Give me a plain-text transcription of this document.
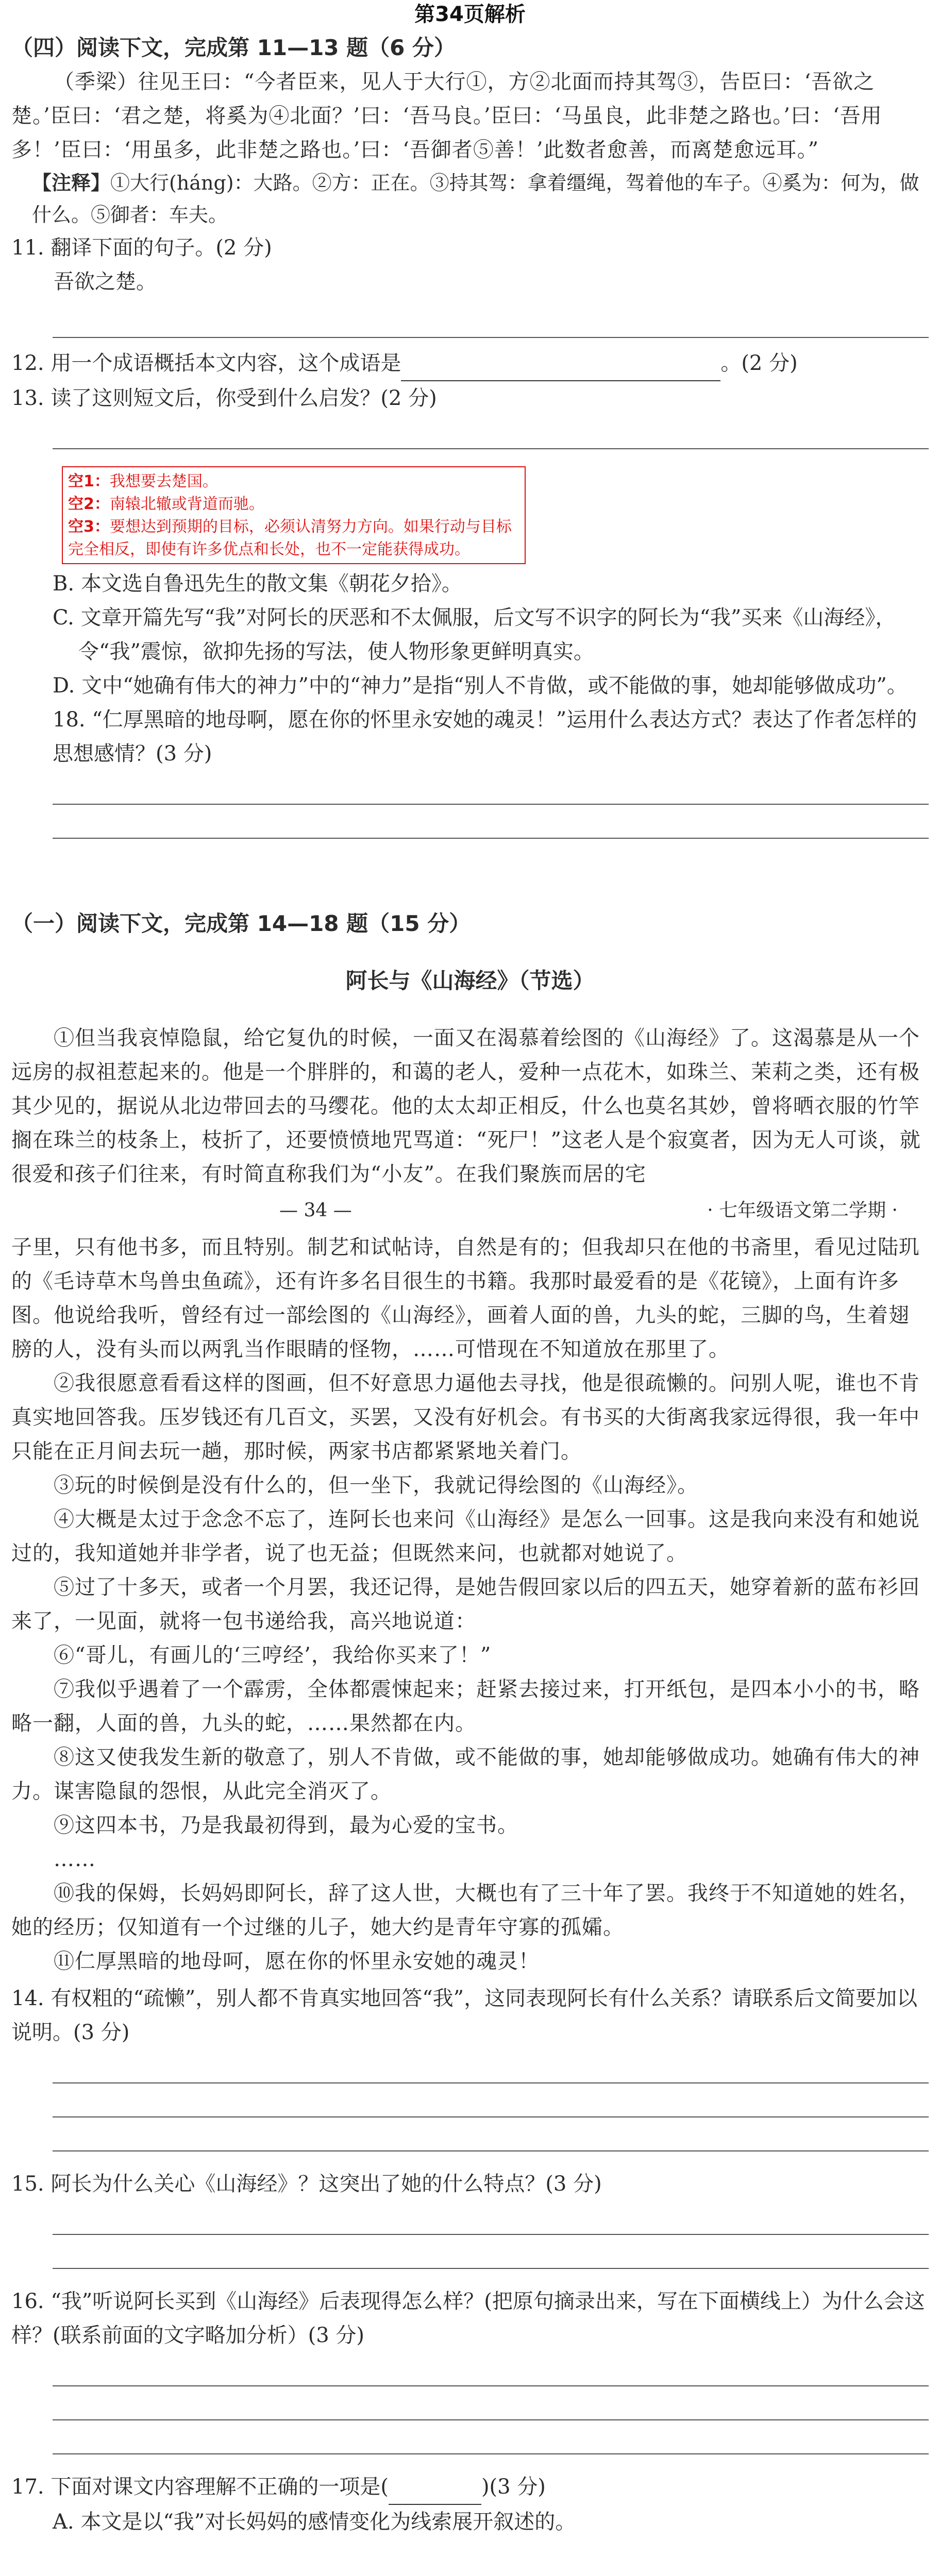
第34页解析

（四）阅读下文，完成第 11—13 题（6 分）

（季梁）往见王曰：“今者臣来，见人于大行①，方②北面而持其驾③，告臣曰：‘吾欲之楚。’臣曰：‘君之楚，将奚为④北面？’曰：‘吾马良。’臣曰：‘马虽良，此非楚之路也。’曰：‘吾用多！’臣曰：‘用虽多，此非楚之路也。’曰：‘吾御者⑤善！’此数者愈善，而离楚愈远耳。”

【注释】①大行(háng)：大路。②方：正在。③持其驾：拿着缰绳，驾着他的车子。④奚为：何为，做什么。⑤御者：车夫。

11. 翻译下面的句子。(2 分)

吾欲之楚。

12. 用一个成语概括本文内容，这个成语是	。(2 分)

13. 读了这则短文后，你受到什么启发？(2 分)

空1：我想要去楚国。
空2：南辕北辙或背道而驰。
空3：要想达到预期的目标，必须认清努力方向。如果行动与目标完全相反，即使有许多优点和长处，也不一定能获得成功。

B. 本文选自鲁迅先生的散文集《朝花夕拾》。

C. 文章开篇先写“我”对阿长的厌恶和不太佩服，后文写不识字的阿长为“我”买来《山海经》，令“我”震惊，欲抑先扬的写法，使人物形象更鲜明真实。

D. 文中“她确有伟大的神力”中的“神力”是指“别人不肯做，或不能做的事，她却能够做成功”。

18. “仁厚黑暗的地母啊，愿在你的怀里永安她的魂灵！”运用什么表达方式？表达了作者怎样的思想感情？(3 分)

（一）阅读下文，完成第 14—18 题（15 分）

阿长与《山海经》（节选）

①但当我哀悼隐鼠，给它复仇的时候，一面又在渴慕着绘图的《山海经》了。这渴慕是从一个远房的叔祖惹起来的。他是一个胖胖的，和蔼的老人，爱种一点花木，如珠兰、茉莉之类，还有极其少见的，据说从北边带回去的马缨花。他的太太却正相反，什么也莫名其妙，曾将晒衣服的竹竿搁在珠兰的枝条上，枝折了，还要愤愤地咒骂道：“死尸！”这老人是个寂寞者，因为无人可谈，就很爱和孩子们往来，有时简直称我们为“小友”。在我们聚族而居的宅

— 34 —	· 七年级语文第二学期 ·

子里，只有他书多，而且特别。制艺和试帖诗，自然是有的；但我却只在他的书斋里，看见过陆玑的《毛诗草木鸟兽虫鱼疏》，还有许多名目很生的书籍。我那时最爱看的是《花镜》，上面有许多图。他说给我听，曾经有过一部绘图的《山海经》，画着人面的兽，九头的蛇，三脚的鸟，生着翅膀的人，没有头而以两乳当作眼睛的怪物，……可惜现在不知道放在那里了。

②我很愿意看看这样的图画，但不好意思力逼他去寻找，他是很疏懒的。问别人呢，谁也不肯真实地回答我。压岁钱还有几百文，买罢，又没有好机会。有书买的大街离我家远得很，我一年中只能在正月间去玩一趟，那时候，两家书店都紧紧地关着门。

③玩的时候倒是没有什么的，但一坐下，我就记得绘图的《山海经》。

④大概是太过于念念不忘了，连阿长也来问《山海经》是怎么一回事。这是我向来没有和她说过的，我知道她并非学者，说了也无益；但既然来问，也就都对她说了。

⑤过了十多天，或者一个月罢，我还记得，是她告假回家以后的四五天，她穿着新的蓝布衫回来了，一见面，就将一包书递给我，高兴地说道：

⑥“哥儿，有画儿的‘三哼经’，我给你买来了！”

⑦我似乎遇着了一个霹雳，全体都震悚起来；赶紧去接过来，打开纸包，是四本小小的书，略略一翻，人面的兽，九头的蛇，……果然都在内。

⑧这又使我发生新的敬意了，别人不肯做，或不能做的事，她却能够做成功。她确有伟大的神力。谋害隐鼠的怨恨，从此完全消灭了。

⑨这四本书，乃是我最初得到，最为心爱的宝书。

……

⑩我的保姆，长妈妈即阿长，辞了这人世，大概也有了三十年了罢。我终于不知道她的姓名，她的经历；仅知道有一个过继的儿子，她大约是青年守寡的孤孀。

⑪仁厚黑暗的地母呵，愿在你的怀里永安她的魂灵！

14. 有权粗的“疏懒”，别人都不肯真实地回答“我”，这同表现阿长有什么关系？请联系后文简要加以说明。(3 分)

15. 阿长为什么关心《山海经》？这突出了她的什么特点？(3 分)

16. “我”听说阿长买到《山海经》后表现得怎么样？(把原句摘录出来，写在下面横线上）为什么会这样？(联系前面的文字略加分析）(3 分)

17. 下面对课文内容理解不正确的一项是(	)(3 分)

A. 本文是以“我”对长妈妈的感情变化为线索展开叙述的。
